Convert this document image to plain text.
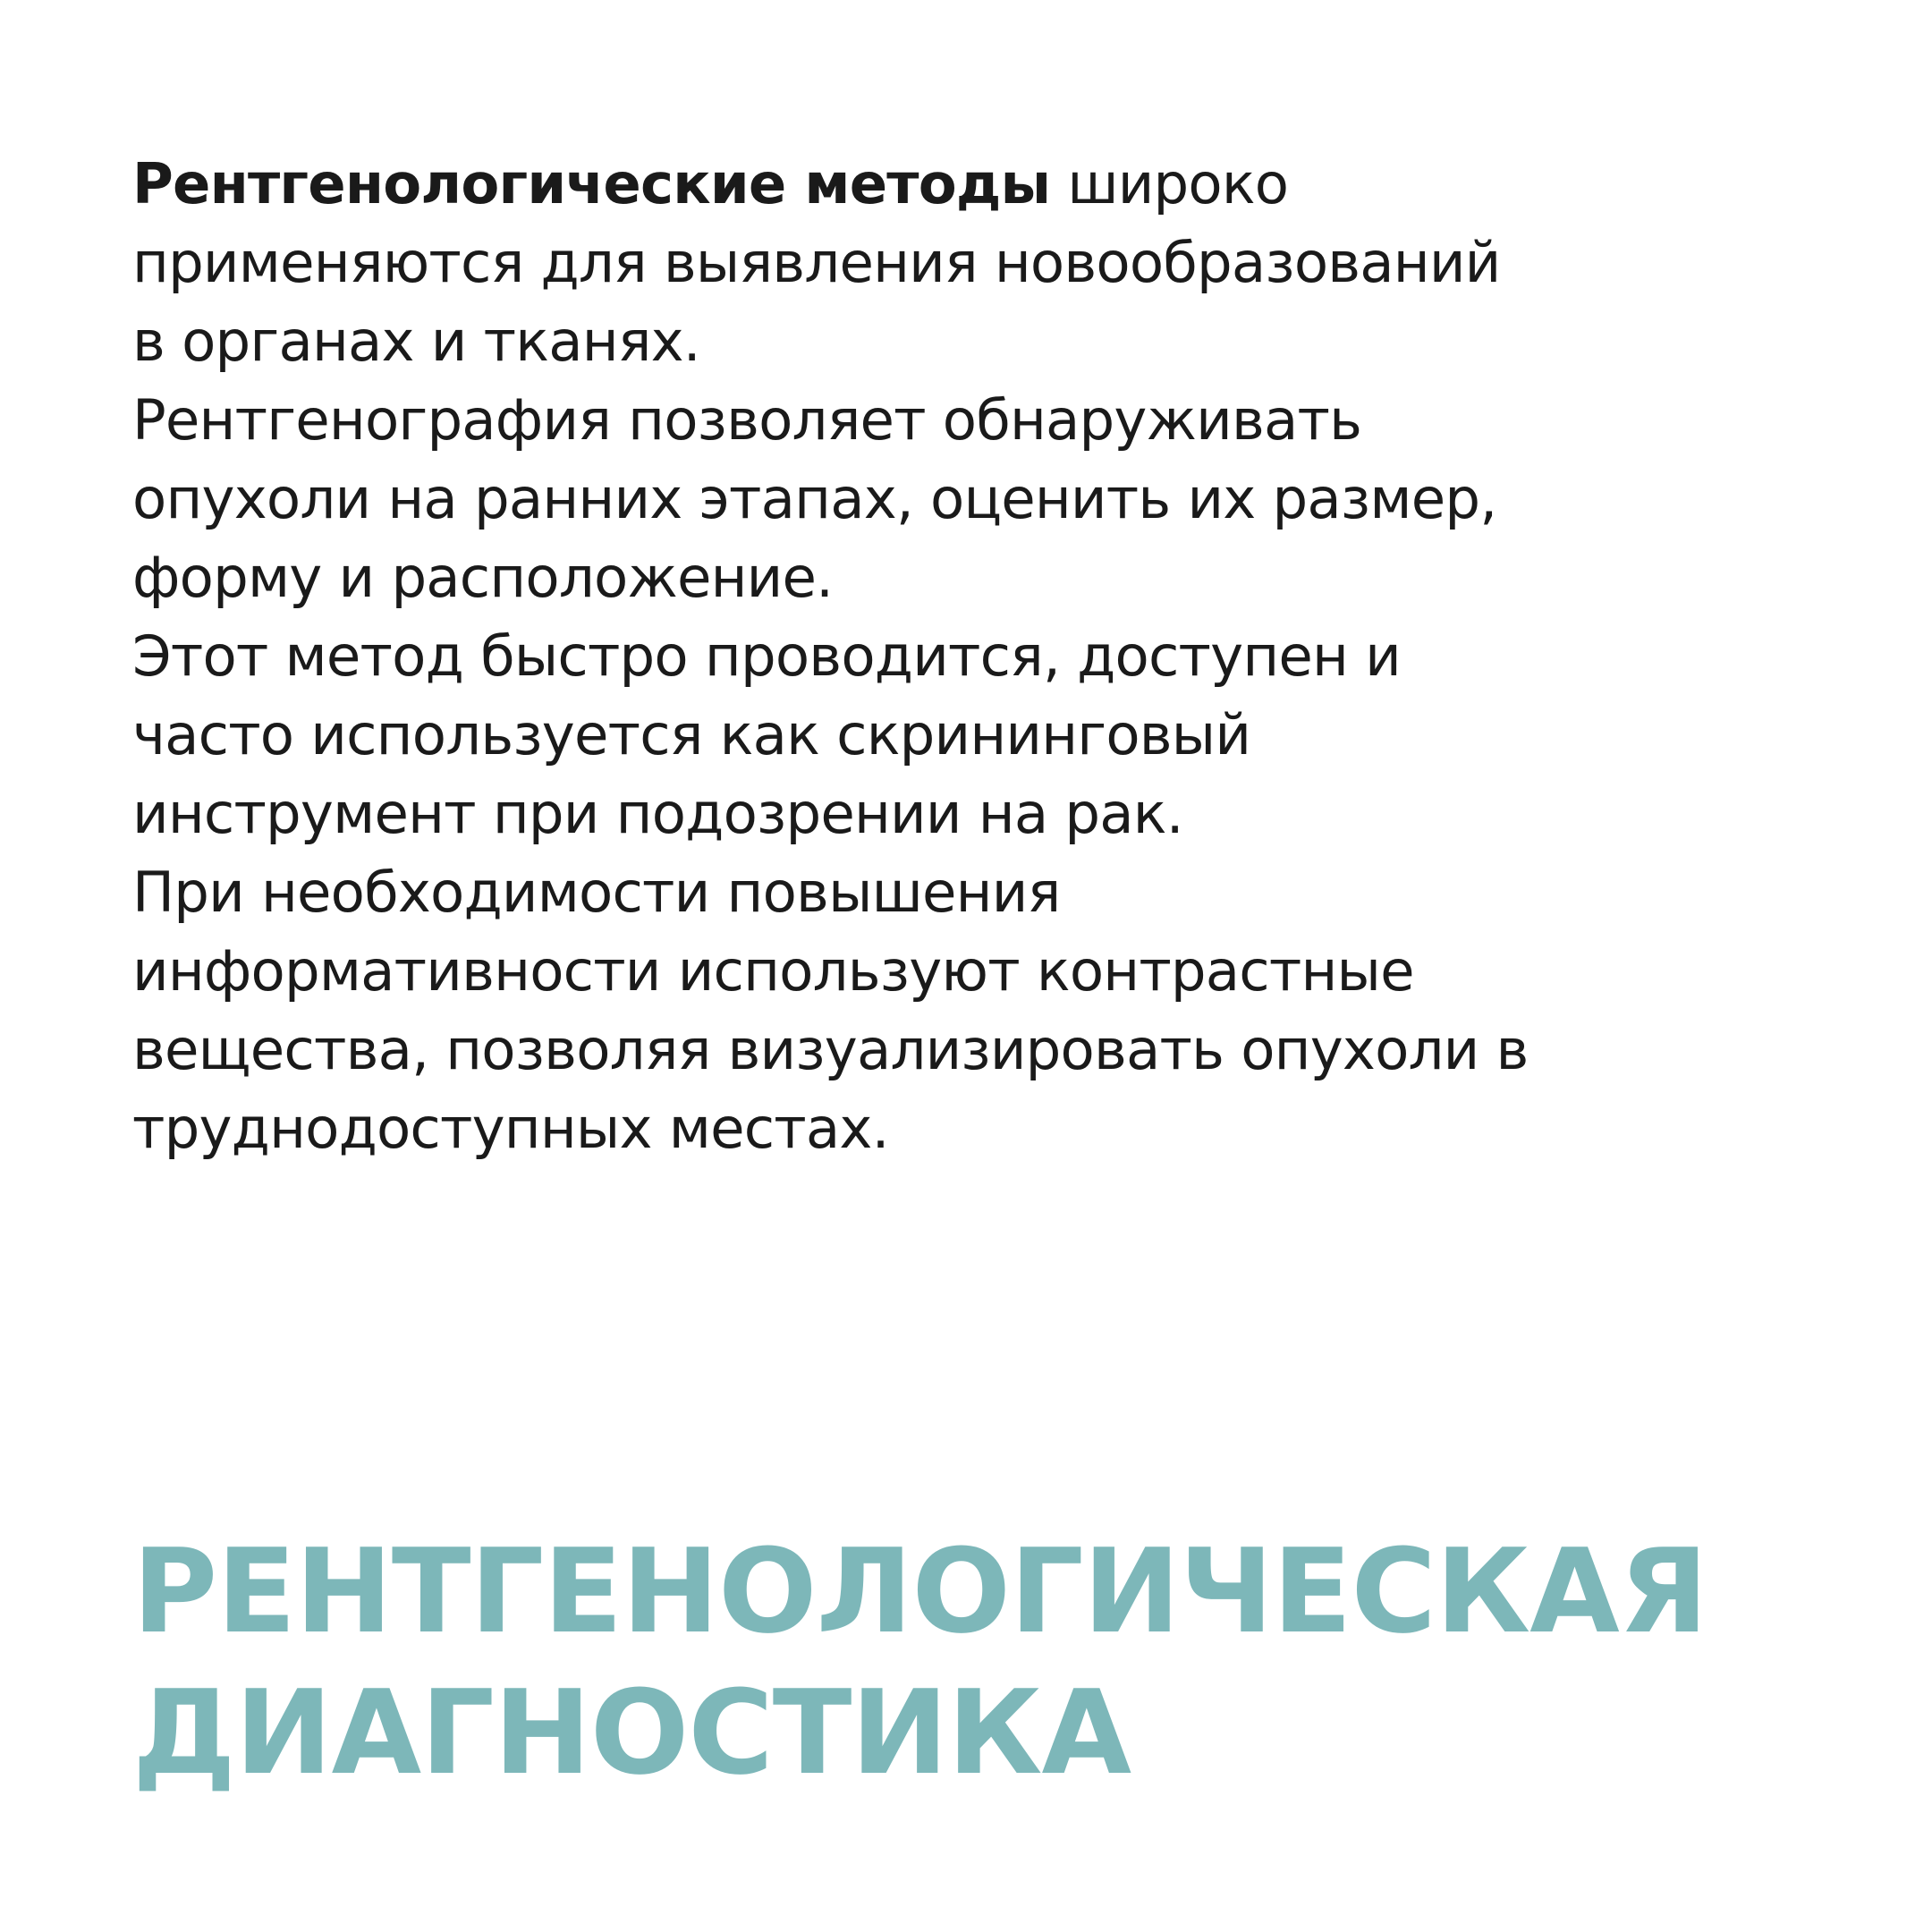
Рентгенологические методы широко
применяются для выявления новообразований
в органах и тканях.
Рентгенография позволяет обнаруживать
опухоли на ранних этапах, оценить их размер,
форму и расположение.
Этот метод быстро проводится, доступен и
часто используется как скрининговый
инструмент при подозрении на рак.
При необходимости повышения
информативности используют контрастные
вещества, позволяя визуализировать опухоли в
труднодоступных местах.
РЕНТГЕНОЛОГИЧЕСКАЯ
ДИАГНОСТИКА
